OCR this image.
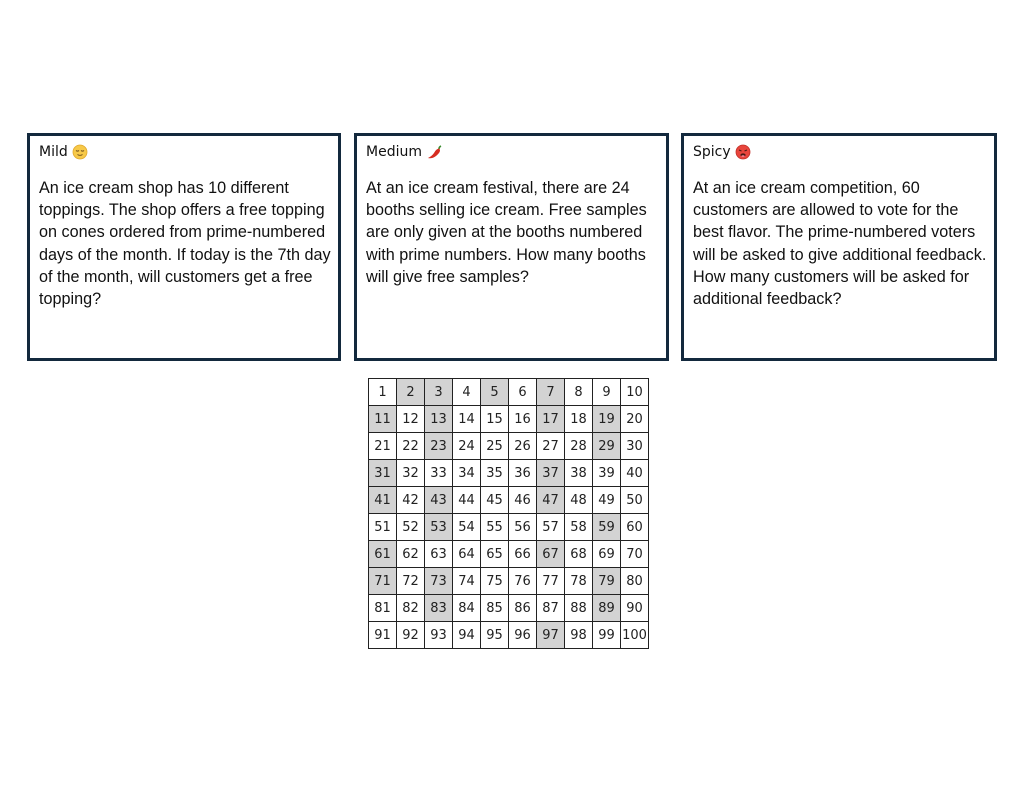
Mild
An ice cream shop has 10 different toppings. The shop offers a free topping on cones ordered from prime-numbered days of the month. If today is the 7th day of the month, will customers get a free topping?
Medium
At an ice cream festival, there are 24 booths selling ice cream. Free samples are only given at the booths numbered with prime numbers. How many booths will give free samples?
Spicy
At an ice cream competition, 60 customers are allowed to vote for the best flavor. The prime-numbered voters will be asked to give additional feedback. How many customers will be asked for additional feedback?
1	2	3	4	5	6	7	8	9	10
11	12	13	14	15	16	17	18	19	20
21	22	23	24	25	26	27	28	29	30
31	32	33	34	35	36	37	38	39	40
41	42	43	44	45	46	47	48	49	50
51	52	53	54	55	56	57	58	59	60
61	62	63	64	65	66	67	68	69	70
71	72	73	74	75	76	77	78	79	80
81	82	83	84	85	86	87	88	89	90
91	92	93	94	95	96	97	98	99	100
